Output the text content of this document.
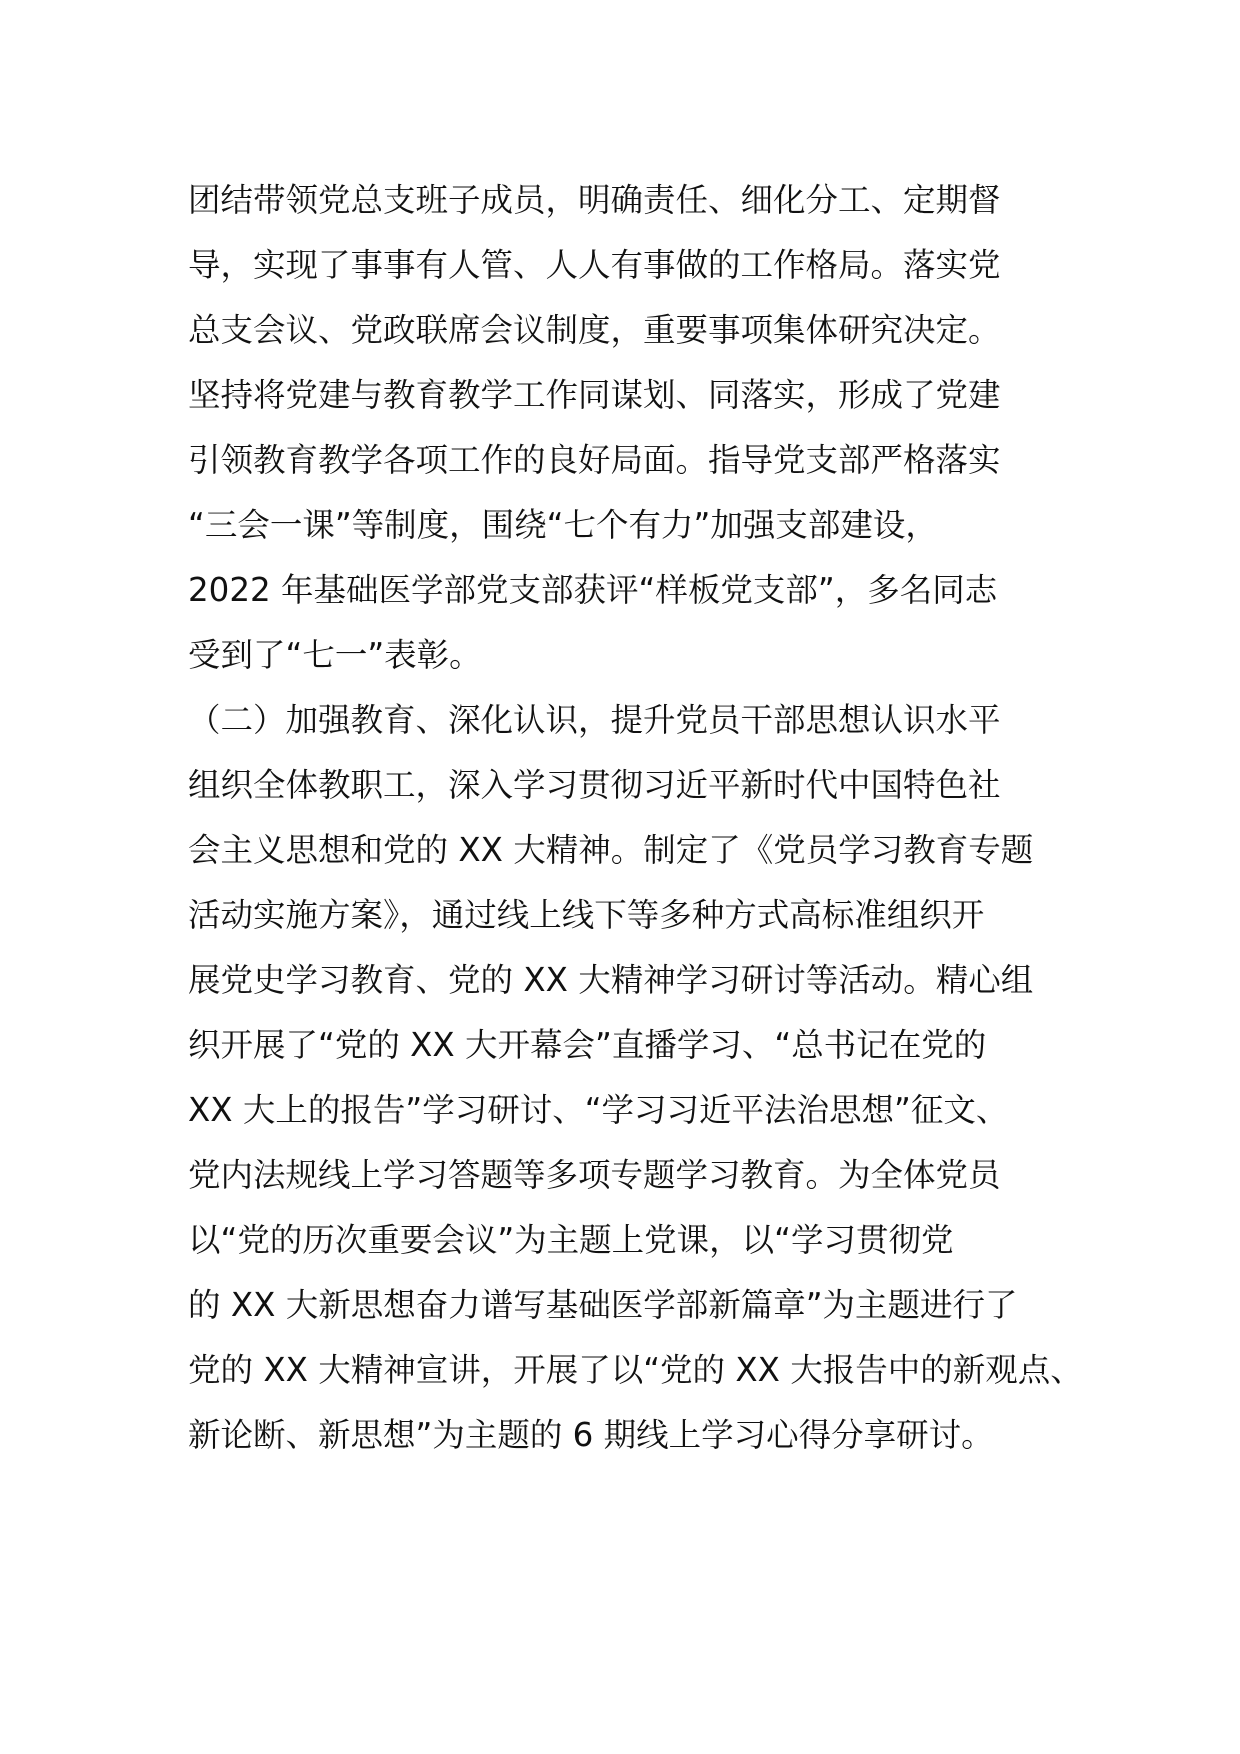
团结带领党总支班子成员，明确责任、细化分工、定期督
导，实现了事事有人管、人人有事做的工作格局。落实党
总支会议、党政联席会议制度，重要事项集体研究决定。
坚持将党建与教育教学工作同谋划、同落实，形成了党建
引领教育教学各项工作的良好局面。指导党支部严格落实
“三会一课”等制度，围绕“七个有力”加强支部建设，
2022 年基础医学部党支部获评“样板党支部”，多名同志
受到了“七一”表彰。
（二）加强教育、深化认识，提升党员干部思想认识水平
组织全体教职工，深入学习贯彻习近平新时代中国特色社
会主义思想和党的 XX 大精神。制定了《党员学习教育专题
活动实施方案》，通过线上线下等多种方式高标准组织开
展党史学习教育、党的 XX 大精神学习研讨等活动。精心组
织开展了“党的 XX 大开幕会”直播学习、“总书记在党的
XX 大上的报告”学习研讨、“学习习近平法治思想”征文、
党内法规线上学习答题等多项专题学习教育。为全体党员
以“党的历次重要会议”为主题上党课，以“学习贯彻党
的 XX 大新思想奋力谱写基础医学部新篇章”为主题进行了
党的 XX 大精神宣讲，开展了以“党的 XX 大报告中的新观点、
新论断、新思想”为主题的 6 期线上学习心得分享研讨。
